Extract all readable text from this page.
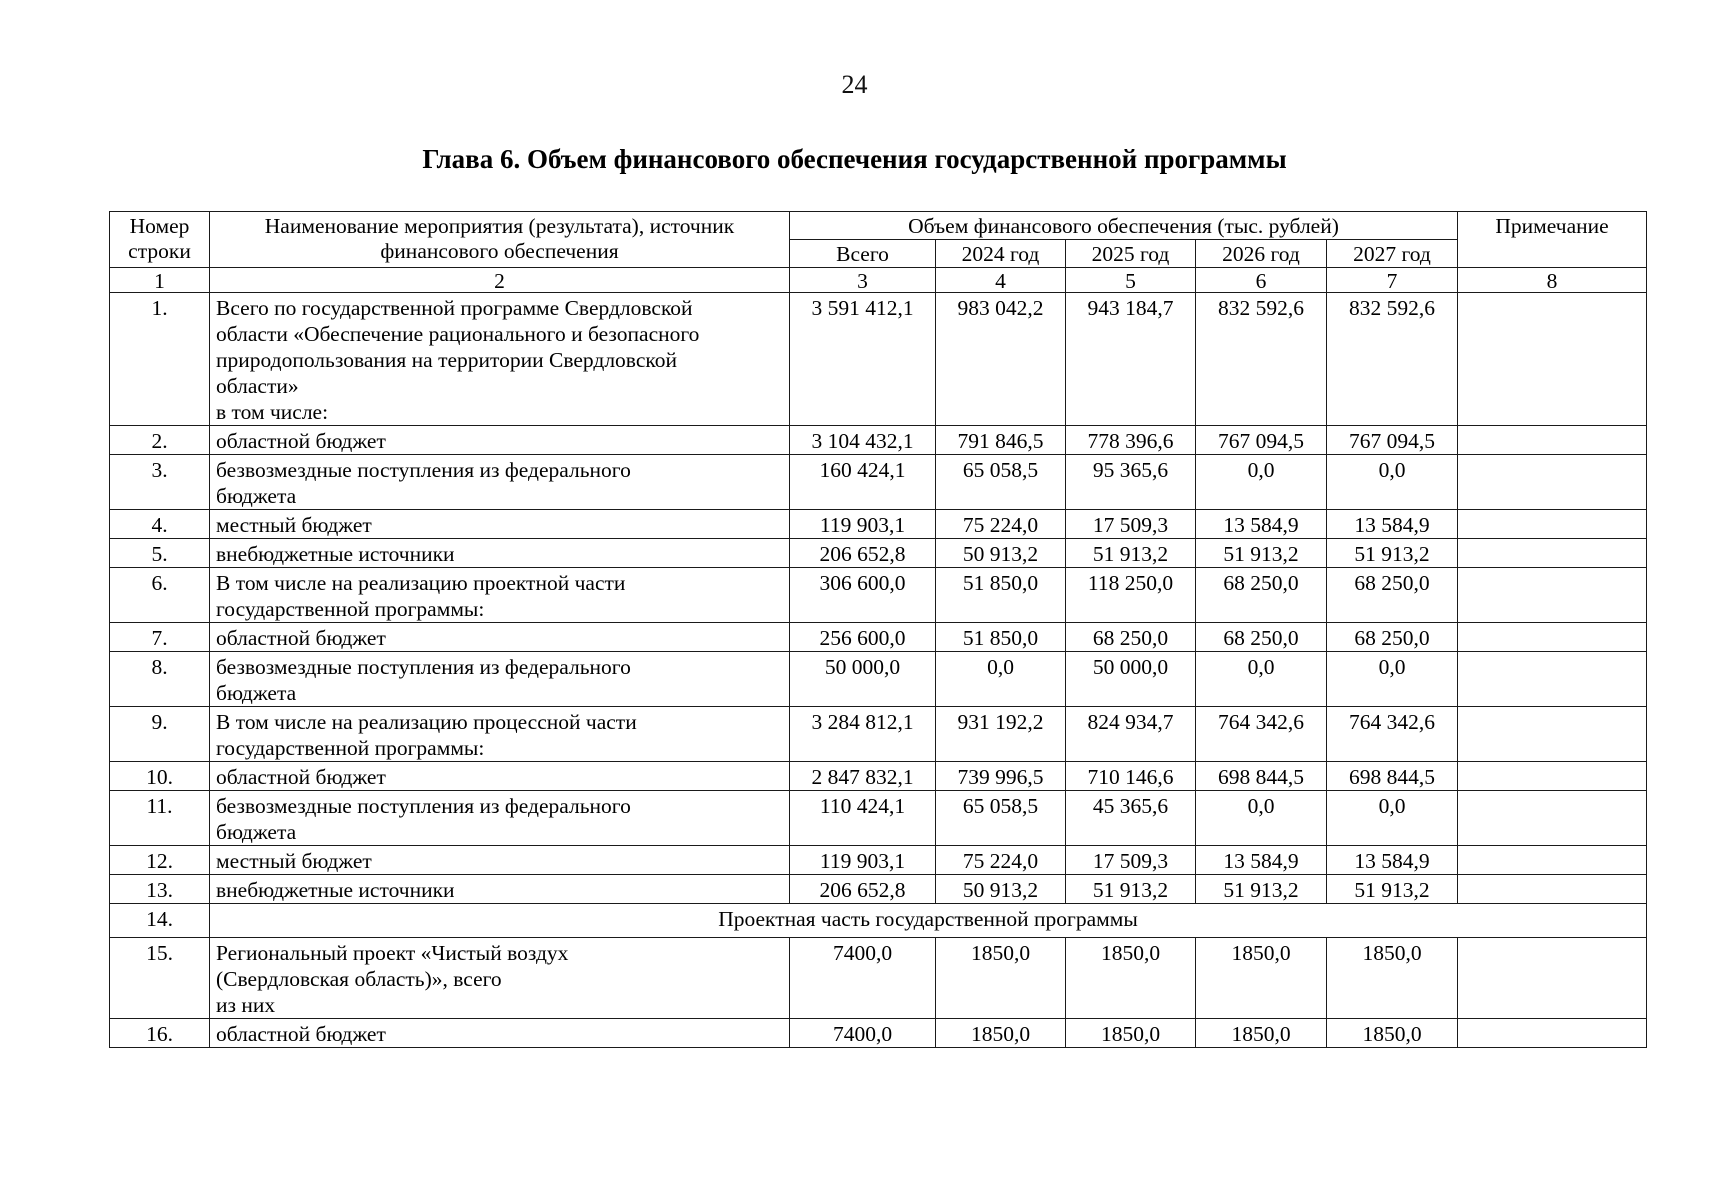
24
Глава 6. Объем финансового обеспечения государственной программы
Номер
строки	Наименование мероприятия (результата), источник
финансового обеспечения	Объем финансового обеспечения (тыс. рублей)					Примечание
		Всего	2024 год	2025 год	2026 год	2027 год	
1	2	3	4	5	6	7	8
1.	Всего по государственной программе Свердловской
области «Обеспечение рационального и безопасного
природопользования на территории Свердловской
области»
в том числе:	3 591 412,1	983 042,2	943 184,7	832 592,6	832 592,6	
2.	областной бюджет	3 104 432,1	791 846,5	778 396,6	767 094,5	767 094,5	
3.	безвозмездные поступления из федерального
бюджета	160 424,1	65 058,5	95 365,6	0,0	0,0	
4.	местный бюджет	119 903,1	75 224,0	17 509,3	13 584,9	13 584,9	
5.	внебюджетные источники	206 652,8	50 913,2	51 913,2	51 913,2	51 913,2	
6.	В том числе на реализацию проектной части
государственной программы:	306 600,0	51 850,0	118 250,0	68 250,0	68 250,0	
7.	областной бюджет	256 600,0	51 850,0	68 250,0	68 250,0	68 250,0	
8.	безвозмездные поступления из федерального
бюджета	50 000,0	0,0	50 000,0	0,0	0,0	
9.	В том числе на реализацию процессной части
государственной программы:	3 284 812,1	931 192,2	824 934,7	764 342,6	764 342,6	
10.	областной бюджет	2 847 832,1	739 996,5	710 146,6	698 844,5	698 844,5	
11.	безвозмездные поступления из федерального
бюджета	110 424,1	65 058,5	45 365,6	0,0	0,0	
12.	местный бюджет	119 903,1	75 224,0	17 509,3	13 584,9	13 584,9	
13.	внебюджетные источники	206 652,8	50 913,2	51 913,2	51 913,2	51 913,2	
14.	Проектная часть государственной программы						
15.	Региональный проект «Чистый воздух
(Свердловская область)», всего
из них	7400,0	1850,0	1850,0	1850,0	1850,0	
16.	областной бюджет	7400,0	1850,0	1850,0	1850,0	1850,0	
